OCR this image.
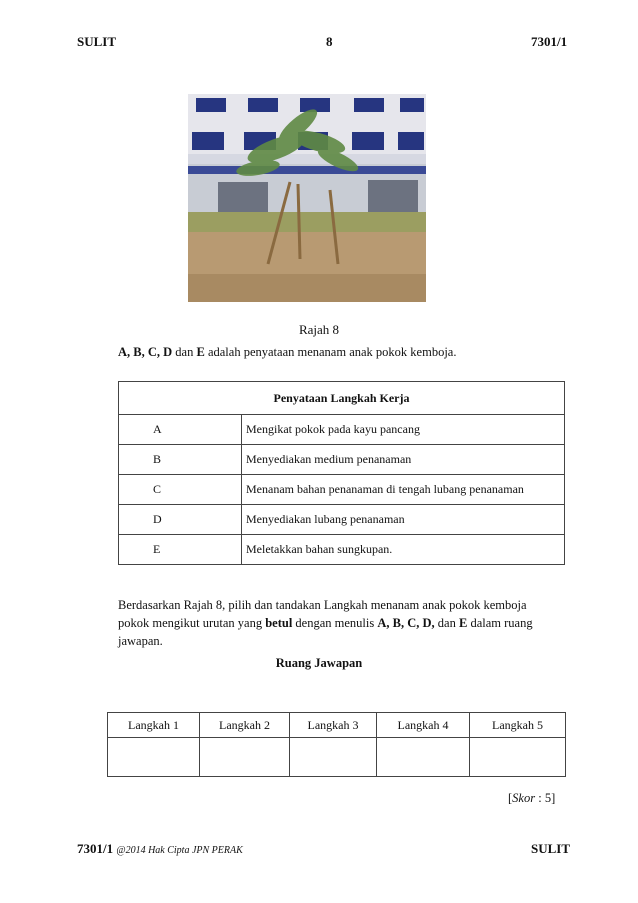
SULIT	8	7301/1
Rajah 8
A, B, C, D dan E adalah penyataan menanam anak pokok kemboja.
Penyataan Langkah Kerja	
A	Mengikat pokok pada kayu pancang
B	Menyediakan medium penanaman
C	Menanam bahan penanaman di tengah lubang penanaman
D	Menyediakan lubang penanaman
E	Meletakkan bahan sungkupan.
Berdasarkan Rajah 8, pilih dan tandakan Langkah menanam anak pokok kemboja pokok mengikut urutan yang betul dengan menulis A, B, C, D, dan E dalam ruang jawapan.
Ruang Jawapan
Langkah 1	Langkah 2	Langkah 3	Langkah 4	Langkah 5

[Skor : 5]
7301/1 @2014 Hak Cipta JPN PERAK	SULIT
